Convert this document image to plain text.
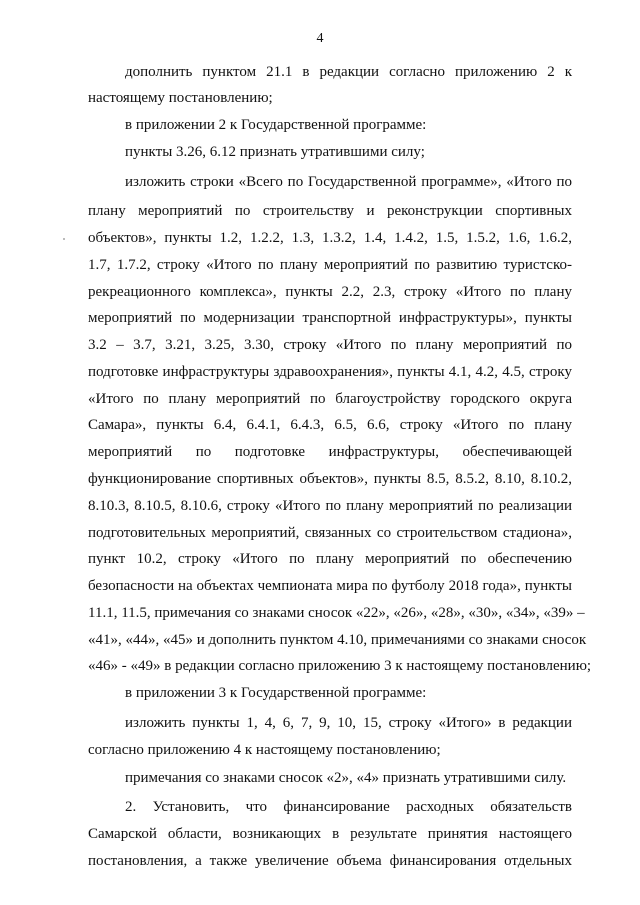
4
дополнить пунктом 21.1 в редакции согласно приложению 2 к
настоящему постановлению;
в приложении 2 к Государственной программе:
пункты 3.26, 6.12 признать утратившими силу;
изложить строки «Всего по Государственной программе», «Итого по
плану мероприятий по строительству и реконструкции спортивных
объектов», пункты 1.2, 1.2.2, 1.3, 1.3.2, 1.4, 1.4.2, 1.5, 1.5.2, 1.6, 1.6.2,
1.7, 1.7.2, строку «Итого по плану мероприятий по развитию туристско-
рекреационного комплекса», пункты 2.2, 2.3, строку «Итого по плану
мероприятий по модернизации транспортной инфраструктуры», пункты
3.2 – 3.7, 3.21, 3.25, 3.30, строку «Итого по плану мероприятий по
подготовке инфраструктуры здравоохранения», пункты 4.1, 4.2, 4.5, строку
«Итого по плану мероприятий по благоустройству городского округа
Самара», пункты 6.4, 6.4.1, 6.4.3, 6.5, 6.6, строку «Итого по плану
мероприятий по подготовке инфраструктуры, обеспечивающей
функционирование спортивных объектов», пункты 8.5, 8.5.2, 8.10, 8.10.2,
8.10.3, 8.10.5, 8.10.6, строку «Итого по плану мероприятий по реализации
подготовительных мероприятий, связанных со строительством стадиона»,
пункт 10.2, строку «Итого по плану мероприятий по обеспечению
безопасности на объектах чемпионата мира по футболу 2018 года», пункты
11.1, 11.5, примечания со знаками сносок «22», «26», «28», «30», «34», «39» –
«41», «44», «45» и дополнить пунктом 4.10, примечаниями со знаками сносок
«46» - «49» в редакции согласно приложению 3 к настоящему постановлению;
в приложении 3 к Государственной программе:
изложить пункты 1, 4, 6, 7, 9, 10, 15, строку «Итого» в редакции
согласно приложению 4 к настоящему постановлению;
примечания со знаками сносок «2», «4» признать утратившими силу.
2. Установить, что финансирование расходных обязательств
Самарской области, возникающих в результате принятия настоящего
постановления, а также увеличение объема финансирования отдельных
